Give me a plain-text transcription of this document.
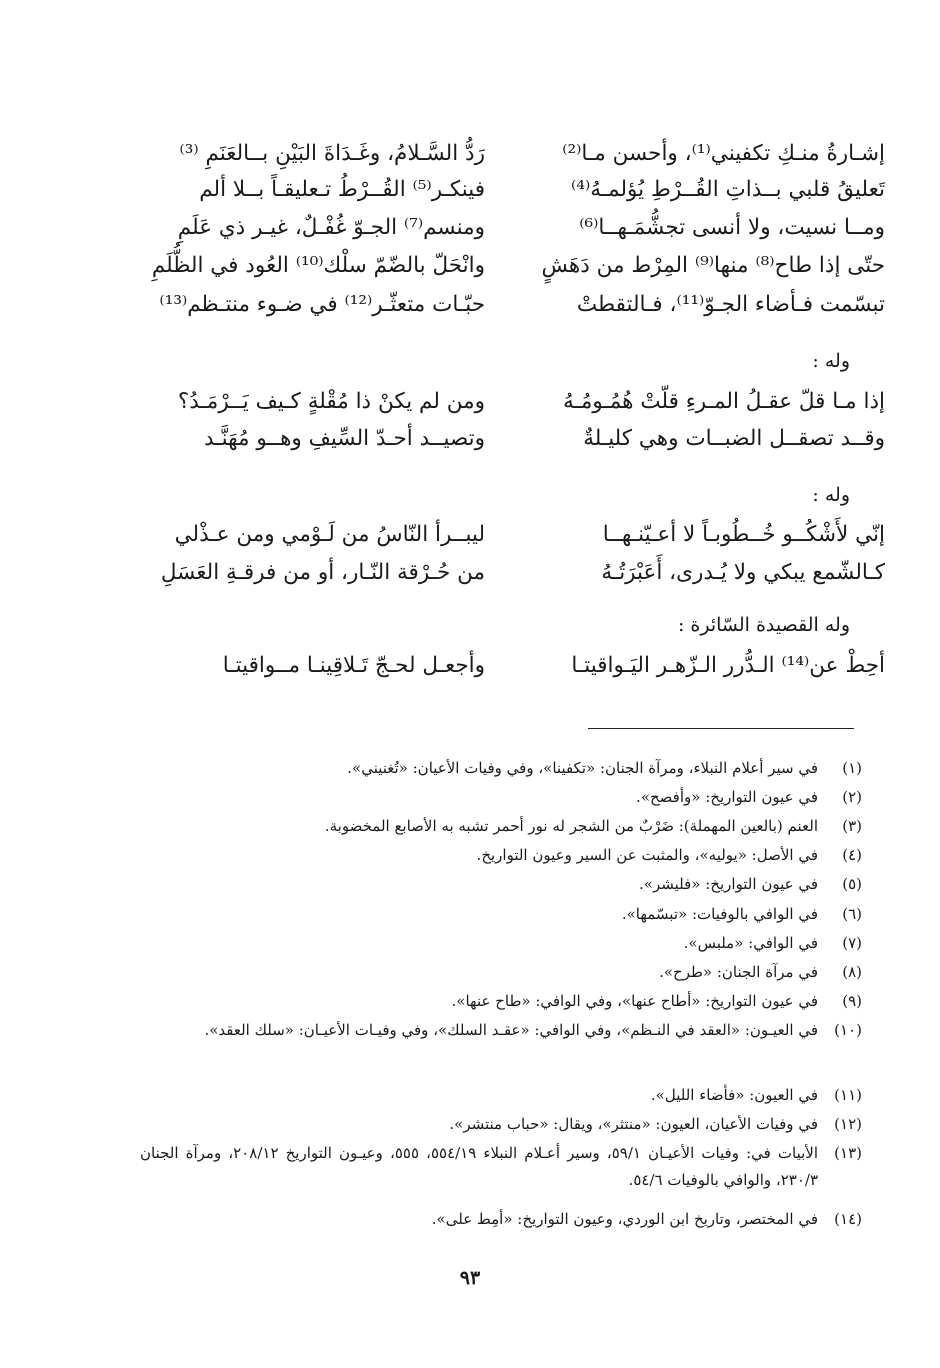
إشـارةُ منـكِ تكفيني⁽¹⁾، وأحسن مـا⁽²⁾
رَدُّ السَّـلامُ، وغَـدَاةَ البَيْنِ بــالعَنَمِ ⁽³⁾
تَعليقُ قلبي بــذاتِ القُــرْطِ يُؤلمـهُ⁽⁴⁾
فينكـر⁽⁵⁾ القُــرْطُ تـعليقـاً بــلا ألم
ومــا نسيت، ولا أنسى تجشُّمَـهــا⁽⁶⁾
ومنسم⁽⁷⁾ الجـوّ غُفْـلٌ، غيـر ذي عَلَمِ
حتّى إذا طاح⁽⁸⁾ منها⁽⁹⁾ المِرْط من دَهَشٍ
وانْحَلّ بالضّمّ سلْك⁽¹⁰⁾ العُود في الظُّلَمِ
تبسّمت فـأضاء الجـوّ⁽¹¹⁾، فـالتقطتْ
حبّـات متعثّـر⁽¹²⁾ في ضـوء منتـظم⁽¹³⁾
وله :
إذا مـا قلّ عقـلُ المـرءِ قلّتْ هُمُـومُـهُ
ومن لم يكنْ ذا مُقْلةٍ كـيف يَــرْمَـدُ؟
وقــد تصقــل الضبــات وهي كليـلةٌ
وتصيــد أحـدّ السِّيفِ وهــو مُهَنَّـد
وله :
إنّي لأَشْكُــو خُــطُوبـاً لا أعـيّنـهــا
ليبــرأ النّاسُ من لَـوْمي ومن عـذْلي
كـالشّمع يبكي ولا يُـدرى، أَعَبْرَتُـهُ
من حُـرْقة النّـار، أو من فرقـةِ العَسَلِ
وله القصيدة السّائرة :
أحِطْ عن⁽¹⁴⁾ الـدُّرر الـزّهـر اليَـواقيتـا
وأجعـل لحـجّ تَـلاقِينـا مــواقيتـا
(١)
في سير أعلام النبلاء، ومرآة الجنان: «تكفينا»، وفي وفيات الأعيان: «تُغنيني».
(٢)
في عيون التواريخ: «وأفصح».
(٣)
العنم (بالعين المهملة): ضَرْبٌ من الشجر له نور أحمر تشبه به الأصابع المخضوبة.
(٤)
في الأصل: «يوليه»، والمثبت عن السير وعيون التواريخ.
(٥)
في عيون التواريخ: «فليشر».
(٦)
في الوافي بالوفيات: «تبسّمها».
(٧)
في الوافي: «ملبس».
(٨)
في مرآة الجنان: «طرح».
(٩)
في عيون التواريخ: «أطاح عنها»، وفي الوافي: «طاح عنها».
(١٠)
في العيـون: «العقد في النـظم»، وفي الوافي: «عقـد السلك»، وفي وفيـات الأعيـان: «سلك العقد».
(١١)
في العيون: «فأضاء الليل».
(١٢)
في وفيات الأعيان، العيون: «منتثر»، ويقال: «حباب منتشر».
(١٣)
الأبيات في: وفيات الأعيـان ٥٩/١، وسير أعـلام النبلاء ٥٥٤/١٩، ٥٥٥، وعيـون التواريخ ٢٠٨/١٢، ومرآة الجنان ٢٣٠/٣، والوافي بالوفيات ٥٤/٦.
(١٤)
في المختصر، وتاريخ ابن الوردي، وعيون التواريخ: «أمِط على».
٩٣
